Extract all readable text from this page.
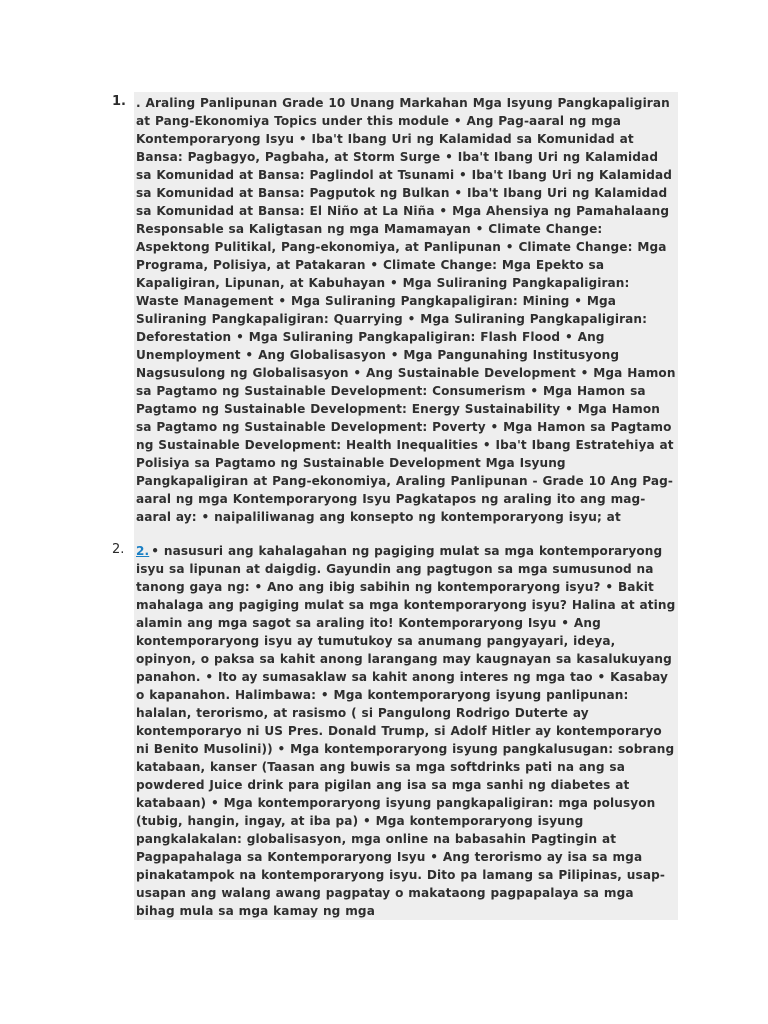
1. . Araling Panlipunan Grade 10 Unang Markahan Mga Isyung Pangkapaligiran at Pang-Ekonomiya Topics under this module • Ang Pag-aaral ng mga Kontemporaryong Isyu • Iba't Ibang Uri ng Kalamidad sa Komunidad at Bansa: Pagbagyo, Pagbaha, at Storm Surge • Iba't Ibang Uri ng Kalamidad sa Komunidad at Bansa: Paglindol at Tsunami • Iba't Ibang Uri ng Kalamidad sa Komunidad at Bansa: Pagputok ng Bulkan • Iba't Ibang Uri ng Kalamidad sa Komunidad at Bansa: El Niño at La Niña • Mga Ahensiya ng Pamahalaang Responsable sa Kaligtasan ng mga Mamamayan • Climate Change: Aspektong Pulitikal, Pang-ekonomiya, at Panlipunan • Climate Change: Mga Programa, Polisiya, at Patakaran • Climate Change: Mga Epekto sa Kapaligiran, Lipunan, at Kabuhayan • Mga Suliraning Pangkapaligiran: Waste Management • Mga Suliraning Pangkapaligiran: Mining • Mga Suliraning Pangkapaligiran: Quarrying • Mga Suliraning Pangkapaligiran: Deforestation • Mga Suliraning Pangkapaligiran: Flash Flood • Ang Unemployment • Ang Globalisasyon • Mga Pangunahing Institusyong Nagsusulong ng Globalisasyon • Ang Sustainable Development • Mga Hamon sa Pagtamo ng Sustainable Development: Consumerism • Mga Hamon sa Pagtamo ng Sustainable Development: Energy Sustainability • Mga Hamon sa Pagtamo ng Sustainable Development: Poverty • Mga Hamon sa Pagtamo ng Sustainable Development: Health Inequalities • Iba't Ibang Estratehiya at Polisiya sa Pagtamo ng Sustainable Development Mga Isyung Pangkapaligiran at Pang-ekonomiya, Araling Panlipunan - Grade 10 Ang Pag-aaral ng mga Kontemporaryong Isyu Pagkatapos ng araling ito ang mag-aaral ay: • naipaliliwanag ang konsepto ng kontemporaryong isyu; at
2. 2. • nasusuri ang kahalagahan ng pagiging mulat sa mga kontemporaryong isyu sa lipunan at daigdig. Gayundin ang pagtugon sa mga sumusunod na tanong gaya ng: • Ano ang ibig sabihin ng kontemporaryong isyu? • Bakit mahalaga ang pagiging mulat sa mga kontemporaryong isyu? Halina at ating alamin ang mga sagot sa araling ito! Kontemporaryong Isyu • Ang kontemporaryong isyu ay tumutukoy sa anumang pangyayari, ideya, opinyon, o paksa sa kahit anong larangang may kaugnayan sa kasalukuyang panahon. • Ito ay sumasaklaw sa kahit anong interes ng mga tao • Kasabay o kapanahon. Halimbawa: • Mga kontemporaryong isyung panlipunan: halalan, terorismo, at rasismo ( si Pangulong Rodrigo Duterte ay kontemporaryo ni US Pres. Donald Trump, si Adolf Hitler ay kontemporaryo ni Benito Musolini)) • Mga kontemporaryong isyung pangkalusugan: sobrang katabaan, kanser (Taasan ang buwis sa mga softdrinks pati na ang sa powdered Juice drink para pigilan ang isa sa mga sanhi ng diabetes at katabaan) • Mga kontemporaryong isyung pangkapaligiran: mga polusyon (tubig, hangin, ingay, at iba pa) • Mga kontemporaryong isyung pangkalakalan: globalisasyon, mga online na babasahin Pagtingin at Pagpapahalaga sa Kontemporaryong Isyu • Ang terorismo ay isa sa mga pinakatampok na kontemporaryong isyu. Dito pa lamang sa Pilipinas, usap-usapan ang walang awang pagpatay o makataong pagpapalaya sa mga bihag mula sa mga kamay ng mga
